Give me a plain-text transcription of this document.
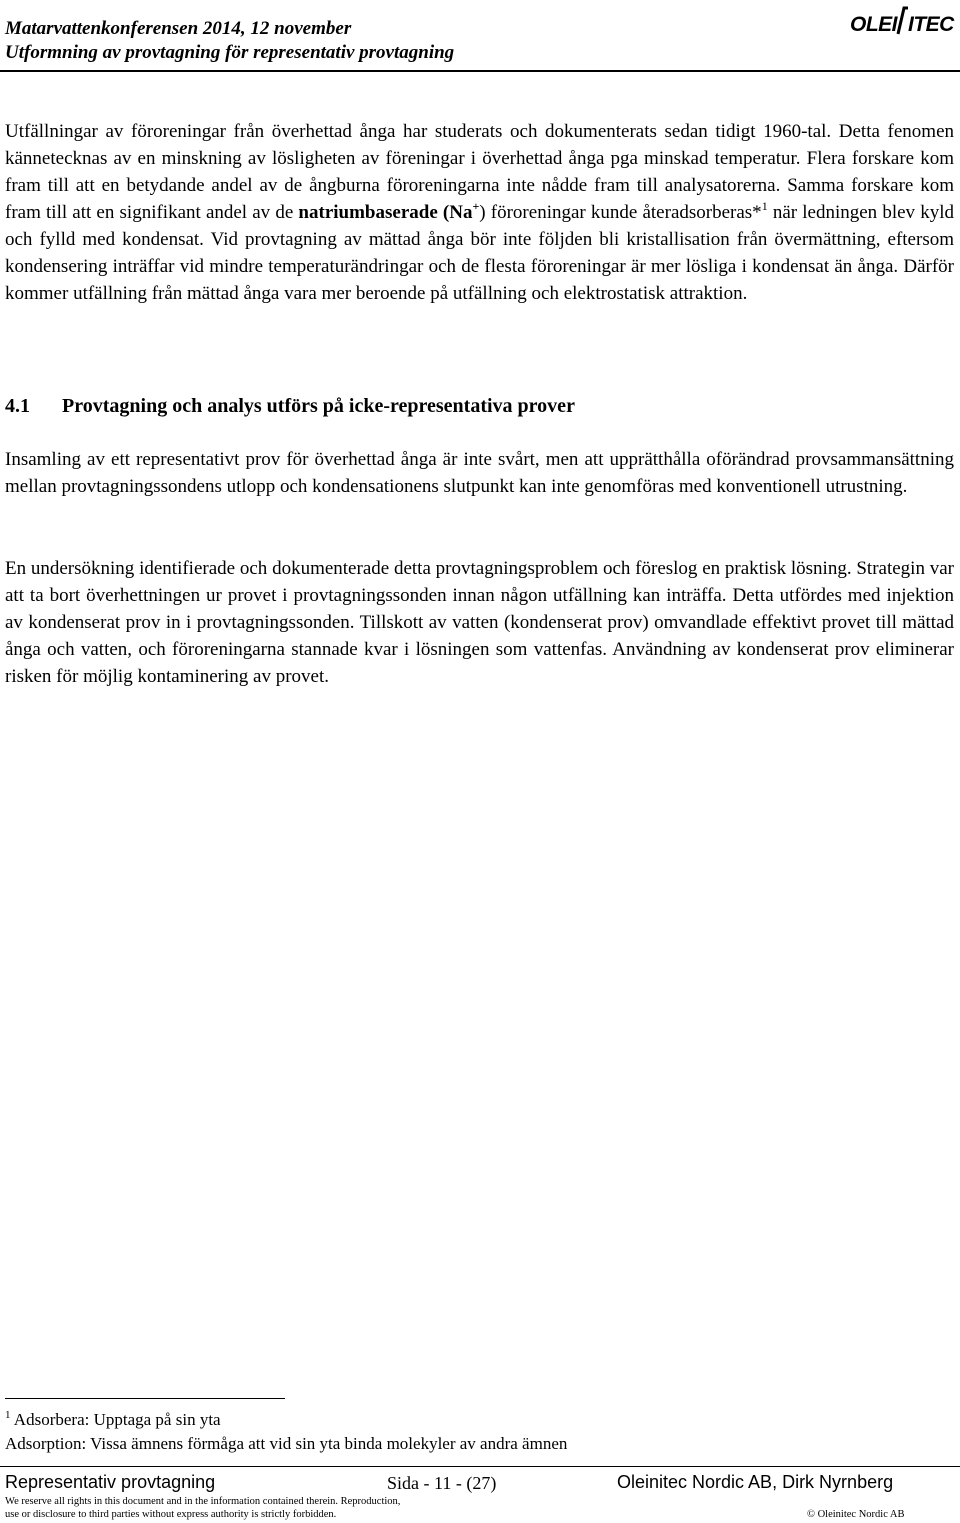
Matarvattenkonferensen 2014, 12 november
Utformning av provtagning för representativ provtagning
OLEI ITEC

Utfällningar av föroreningar från överhettad ånga har studerats och dokumenterats sedan tidigt 1960-tal. Detta fenomen kännetecknas av en minskning av lösligheten av föreningar i överhettad ånga pga minskad temperatur. Flera forskare kom fram till att en betydande andel av de ångburna föroreningarna inte nådde fram till analysatorerna. Samma forskare kom fram till att en signifikant andel av de natriumbaserade (Na+) föroreningar kunde återadsorberas*$^1$ när ledningen blev kyld och fylld med kondensat. Vid provtagning av mättad ånga bör inte följden bli kristallisation från övermättning, eftersom kondensering inträffar vid mindre temperaturändringar och de flesta föroreningar är mer lösliga i kondensat än ånga. Därför kommer utfällning från mättad ånga vara mer beroende på utfällning och elektrostatisk attraktion.

4.1 Provtagning och analys utförs på icke-representativa prover

Insamling av ett representativt prov för överhettad ånga är inte svårt, men att upprätthålla oförändrad provsammansättning mellan provtagningssondens utlopp och kondensationens slutpunkt kan inte genomföras med konventionell utrustning.

En undersökning identifierade och dokumenterade detta provtagningsproblem och föreslog en praktisk lösning. Strategin var att ta bort överhettningen ur provet i provtagningssonden innan någon utfällning kan inträffa. Detta utfördes med injektion av kondenserat prov in i provtagningssonden. Tillskott av vatten (kondenserat prov) omvandlade effektivt provet till mättad ånga och vatten, och föroreningarna stannade kvar i lösningen som vattenfas. Användning av kondenserat prov eliminerar risken för möjlig kontaminering av provet.

$^1$ Adsorbera: Upptaga på sin yta
Adsorption: Vissa ämnens förmåga att vid sin yta binda molekyler av andra ämnen
Representativ provtagning	Sida - 11 - (27)	Oleinitec Nordic AB, Dirk Nyrnberg
We reserve all rights in this document and in the information contained therein. Reproduction,
use or disclosure to third parties without express authority is strictly forbidden.	© Oleinitec Nordic AB
